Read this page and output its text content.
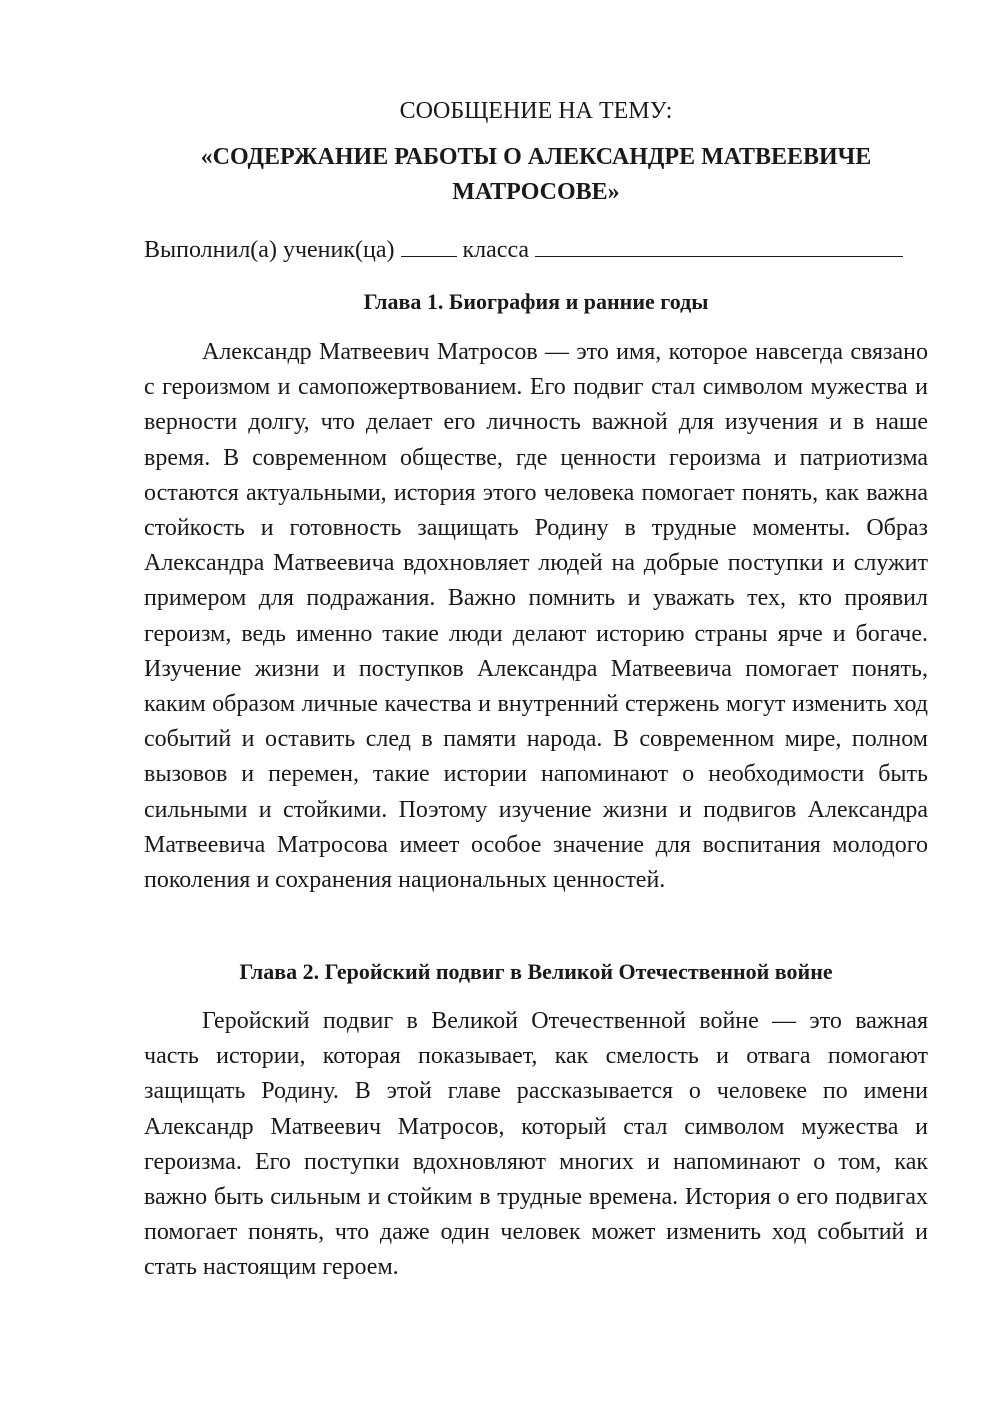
СООБЩЕНИЕ НА ТЕМУ:
«СОДЕРЖАНИЕ РАБОТЫ О АЛЕКСАНДРЕ МАТВЕЕВИЧЕ МАТРОСОВЕ»
Выполнил(а) ученик(ца)	класса
Глава 1. Биография и ранние годы

Александр Матвеевич Матросов — это имя, которое навсегда связано с героизмом и самопожертвованием. Его подвиг стал символом мужества и верности долгу, что делает его личность важной для изучения и в наше время. В современном обществе, где ценности героизма и патриотизма остаются актуальными, история этого человека помогает понять, как важна стойкость и готовность защищать Родину в трудные моменты. Образ Александра Матвеевича вдохновляет людей на добрые поступки и служит примером для подражания. Важно помнить и уважать тех, кто проявил героизм, ведь именно такие люди делают историю страны ярче и богаче. Изучение жизни и поступков Александра Матвеевича помогает понять, каким образом личные качества и внутренний стержень могут изменить ход событий и оставить след в памяти народа. В современном мире, полном вызовов и перемен, такие истории напоминают о необходимости быть сильными и стойкими. Поэтому изучение жизни и подвигов Александра Матвеевича Матросова имеет особое значение для воспитания молодого поколения и сохранения национальных ценностей.

Глава 2. Геройский подвиг в Великой Отечественной войне

Геройский подвиг в Великой Отечественной войне — это важная часть истории, которая показывает, как смелость и отвага помогают защищать Родину. В этой главе рассказывается о человеке по имени Александр Матвеевич Матросов, который стал символом мужества и героизма. Его поступки вдохновляют многих и напоминают о том, как важно быть сильным и стойким в трудные времена. История о его подвигах помогает понять, что даже один человек может изменить ход событий и стать настоящим героем.
